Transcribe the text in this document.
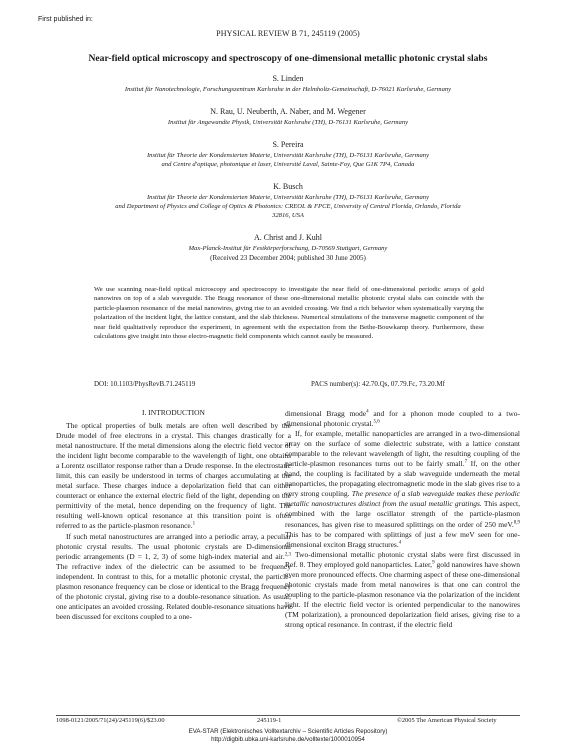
First published in:
PHYSICAL REVIEW B 71, 245119 (2005)
Near-field optical microscopy and spectroscopy of one-dimensional metallic photonic crystal slabs
S. Linden
Institut für Nanotechnologie, Forschungszentrum Karlsruhe in der Helmholtz-Gemeinschaft, D-76021 Karlsruhe, Germany
N. Rau, U. Neuberth, A. Naber, and M. Wegener
Institut für Angewandte Physik, Universität Karlsruhe (TH), D-76131 Karlsruhe, Germany
S. Pereira
Institut für Theorie der Kondensierten Materie, Universität Karlsruhe (TH), D-76131 Karlsruhe, Germany
and Centre d'optique, photonique et laser, Université Laval, Sainte-Foy, Que G1K 7P4, Canada
K. Busch
Institut für Theorie der Kondensierten Materie, Universität Karlsruhe (TH), D-76131 Karlsruhe, Germany
and Department of Physics and College of Optics & Photonics: CREOL & FPCE, University of Central Florida, Orlando, Florida
32816, USA
A. Christ and J. Kuhl
Max-Planck-Institut für Festkörperforschung, D-70569 Stuttgart, Germany
(Received 23 December 2004; published 30 June 2005)
We use scanning near-field optical microscopy and spectroscopy to investigate the near field of one-dimensional periodic arrays of gold nanowires on top of a slab waveguide. The Bragg resonance of these one-dimensional metallic photonic crystal slabs can coincide with the particle-plasmon resonance of the metal nanowires, giving rise to an avoided crossing. We find a rich behavior when systematically varying the polarization of the incident light, the lattice constant, and the slab thickness. Numerical simulations of the transverse magnetic component of the near field qualitatively reproduce the experiment, in agreement with the expectation from the Bethe-Bouwkamp theory. Furthermore, these calculations give insight into those electro-magnetic field components which cannot easily be measured.
DOI: 10.1103/PhysRevB.71.245119	PACS number(s): 42.70.Qs, 07.79.Fc, 73.20.Mf
I. INTRODUCTION

The optical properties of bulk metals are often well described by the Drude model of free electrons in a crystal. This changes drastically for a metal nanostructure. If the metal dimensions along the electric field vector of the incident light become comparable to the wavelength of light, one obtains a Lorentz oscillator response rather than a Drude response. In the electrostatic limit, this can easily be understood in terms of charges accumulating at the metal surface. These charges induce a depolarization field that can either counteract or enhance the external electric field of the light, depending on the permittivity of the metal, hence depending on the frequency of light. The resulting well-known optical resonance at this transition point is often referred to as the particle-plasmon resonance.$^1$

If such metal nanostructures are arranged into a periodic array, a peculiar photonic crystal results. The usual photonic crystals are D-dimensional periodic arrangements (D = 1, 2, 3) of some high-index material and air.$^{2,3}$ The refractive index of the dielectric can be assumed to be frequency independent. In contrast to this, for a metallic photonic crystal, the particle-plasmon resonance frequency can be close or identical to the Bragg frequency of the photonic crystal, giving rise to a double-resonance situation. As usual, one anticipates an avoided crossing. Related double-resonance situations have been discussed for excitons coupled to a one-

dimensional Bragg mode$^4$ and for a phonon mode coupled to a two-dimensional photonic crystal.$^{5,6}$

If, for example, metallic nanoparticles are arranged in a two-dimensional array on the surface of some dielectric substrate, with a lattice constant comparable to the relevant wavelength of light, the resulting coupling of the particle-plasmon resonances turns out to be fairly small.$^7$ If, on the other hand, the coupling is facilitated by a slab waveguide underneath the metal nanoparticles, the propagating electromagnetic mode in the slab gives rise to a very strong coupling. The presence of a slab waveguide makes these periodic metallic nanostructures distinct from the usual metallic gratings. This aspect, combined with the large oscillator strength of the particle-plasmon resonances, has given rise to measured splittings on the order of 250 meV.$^{8,9}$ This has to be compared with splittings of just a few meV seen for one-dimensional exciton Bragg structures.$^4$

Two-dimensional metallic photonic crystal slabs were first discussed in Ref. 8. They employed gold nanoparticles. Later,$^9$ gold nanowires have shown even more pronounced effects. One charming aspect of these one-dimensional photonic crystals made from metal nanowires is that one can control the coupling to the particle-plasmon resonance via the polarization of the incident light. If the electric field vector is oriented perpendicular to the nanowires (TM polarization), a pronounced depolarization field arises, giving rise to a strong optical resonance. In contrast, if the electric field

1098-0121/2005/71(24)/245119(6)/$23.00	245119-1	©2005 The American Physical Society
EVA-STAR (Elektronisches Volltextarchiv – Scientific Articles Repository)
http://digbib.ubka.uni-karlsruhe.de/volltexte/1000010954
